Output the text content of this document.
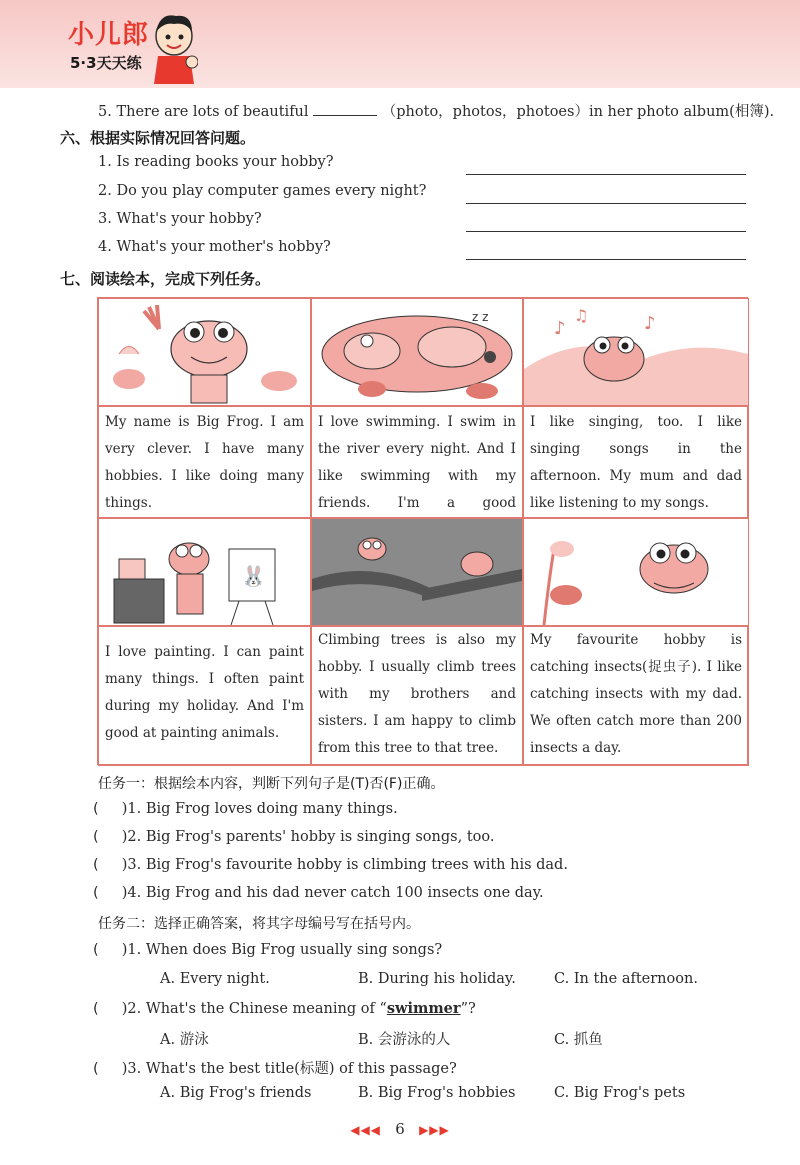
小儿郎
5·3天天练
5. There are lots of beautiful	（photo，photos，photoes）in her photo album(相簿).
六、根据实际情况回答问题。
1. Is reading books your hobby?
2. Do you play computer games every night?
3. What's your hobby?
4. What's your mother's hobby?
七、阅读绘本，完成下列任务。
z z
♪
♫	♪
My name is Big Frog. I am very clever. I have many hobbies. I like doing many things.
I love swimming. I swim in the river every night. And I like swimming with my friends. I'm a good
I like singing, too. I like singing songs in the afternoon. My mum and dad like listening to my songs.
🐰
I love painting. I can paint many things. I often paint during my holiday. And I'm good at painting animals.
Climbing trees is also my hobby. I usually climb trees with my brothers and sisters. I am happy to climb from this tree to that tree.
My favourite hobby is catching insects(捉虫子). I like catching insects with my dad. We often catch more than 200 insects a day.
任务一：根据绘本内容，判断下列句子是(T)否(F)正确。
(     )1. Big Frog loves doing many things.
(     )2. Big Frog's parents' hobby is singing songs, too.
(     )3. Big Frog's favourite hobby is climbing trees with his dad.
(     )4. Big Frog and his dad never catch 100 insects one day.
任务二：选择正确答案，将其字母编号写在括号内。
(     )1. When does Big Frog usually sing songs?
A. Every night.	B. During his holiday.	C. In the afternoon.
(     )2. What's the Chinese meaning of “swimmer”?
A. 游泳	B. 会游泳的人	C. 抓鱼
(     )3. What's the best title(标题) of this passage?
A. Big Frog's friends	B. Big Frog's hobbies	C. Big Frog's pets
◀◀◀ 6 ▶▶▶
